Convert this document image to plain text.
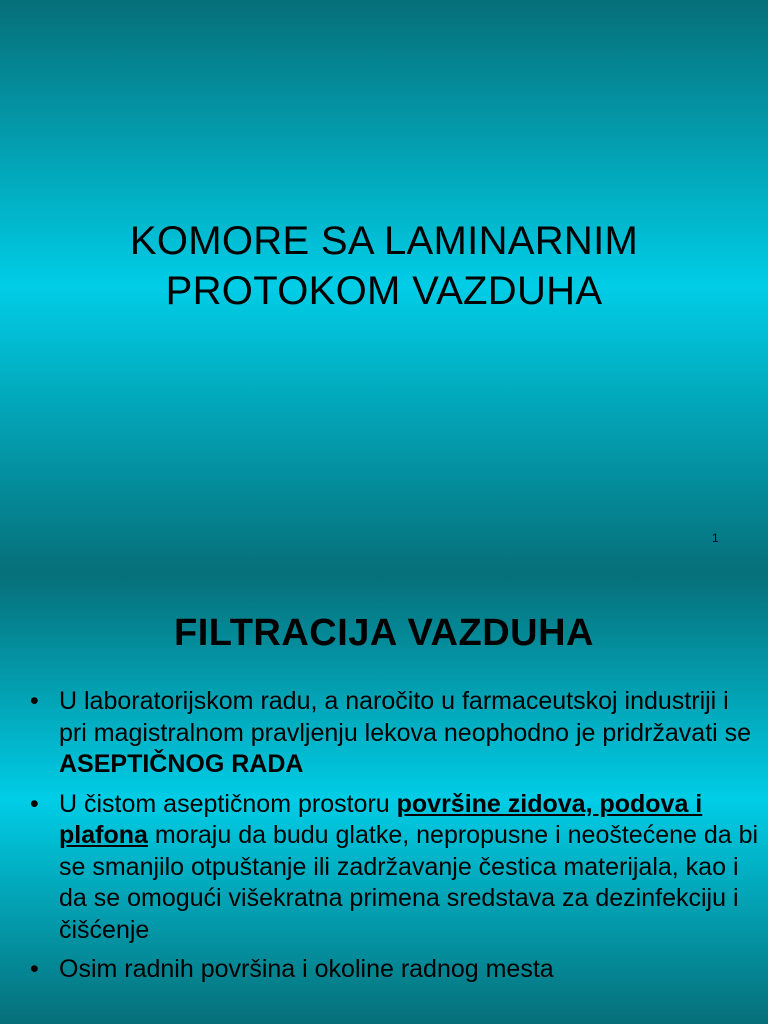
KOMORE SA LAMINARNIM
PROTOKOM VAZDUHA
1
FILTRACIJA VAZDUHA
• U laboratorijskom radu, a naročito u farmaceutskoj industriji i pri magistralnom pravljenju lekova neophodno je pridržavati se ASEPTIČNOG RADA
• U čistom aseptičnom prostoru površine zidova, podova i plafona moraju da budu glatke, nepropusne i neoštećene da bi se smanjilo otpuštanje ili zadržavanje čestica materijala, kao i da se omogući višekratna primena sredstava za dezinfekciju i čišćenje
• Osim radnih površina i okoline radnog mesta
